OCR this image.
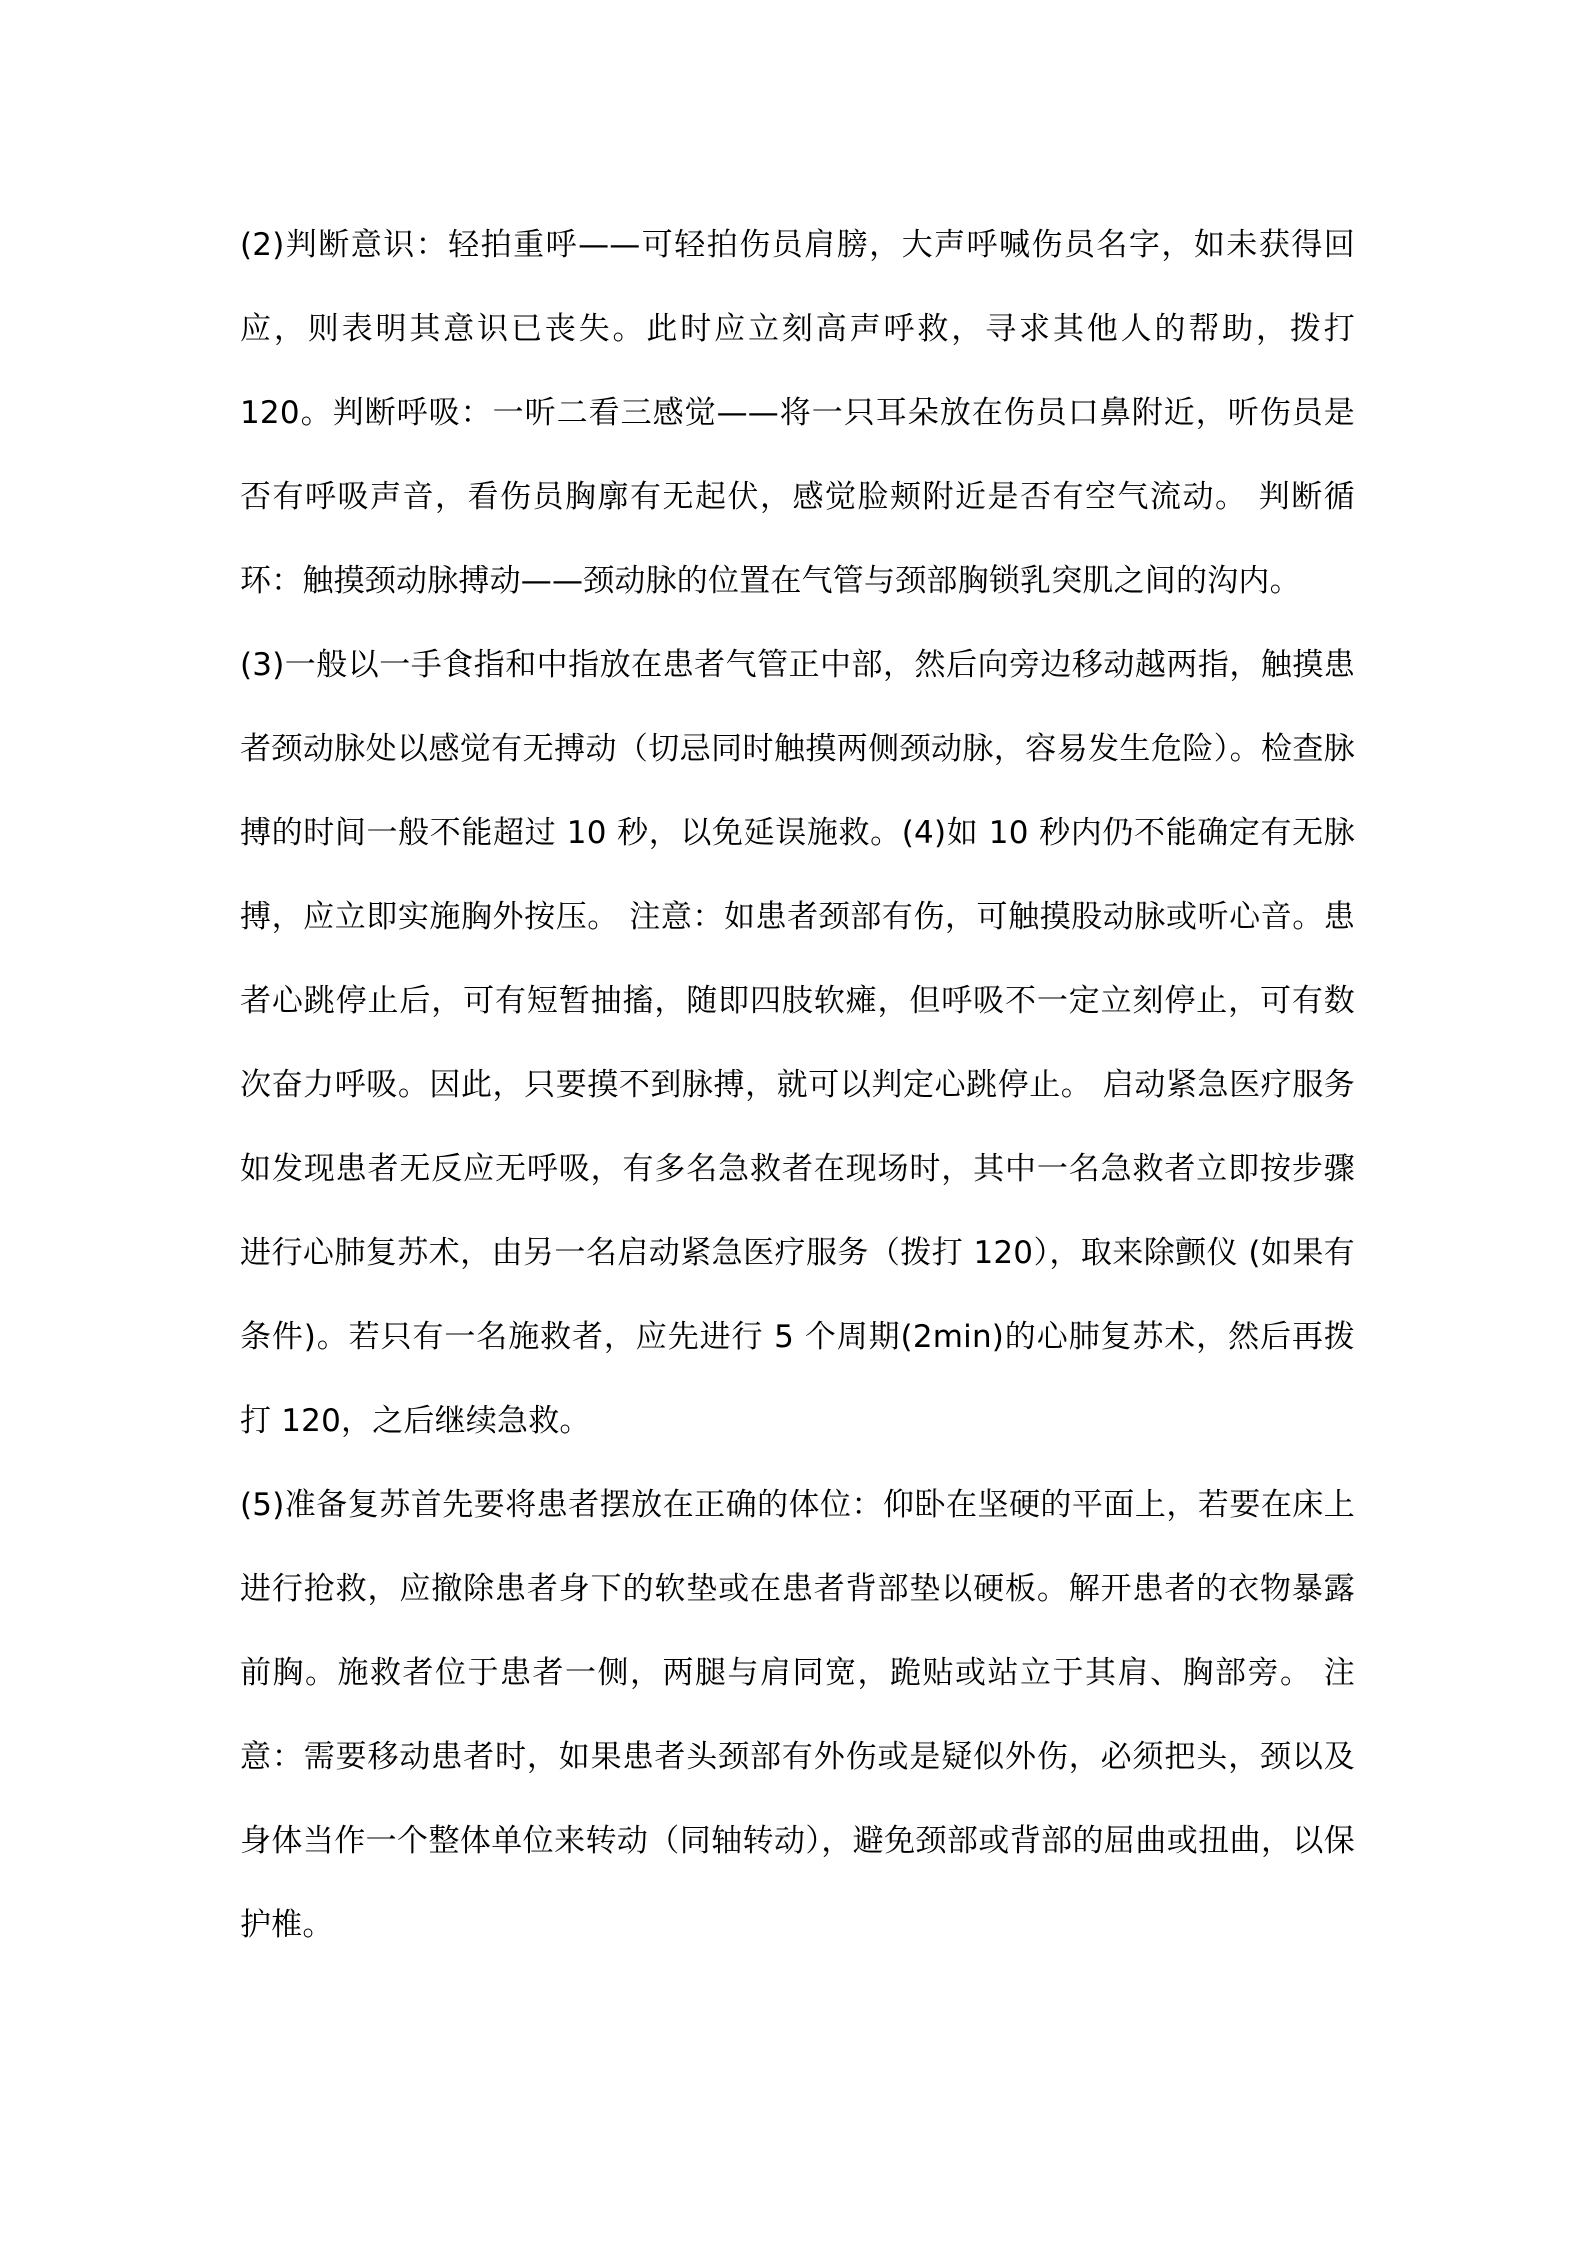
(2)判断意识：轻拍重呼——可轻拍伤员肩膀，大声呼喊伤员名字，如未获得回应，则表明其意识已丧失。此时应立刻高声呼救，寻求其他人的帮助，拨打 120。判断呼吸：一听二看三感觉——将一只耳朵放在伤员口鼻附近，听伤员是否有呼吸声音，看伤员胸廓有无起伏，感觉脸颊附近是否有空气流动。 判断循环：触摸颈动脉搏动——颈动脉的位置在气管与颈部胸锁乳突肌之间的沟内。

(3)一般以一手食指和中指放在患者气管正中部，然后向旁边移动越两指，触摸患者颈动脉处以感觉有无搏动（切忌同时触摸两侧颈动脉，容易发生危险）。检查脉搏的时间一般不能超过 10 秒，以免延误施救。(4)如 10 秒内仍不能确定有无脉搏，应立即实施胸外按压。 注意：如患者颈部有伤，可触摸股动脉或听心音。患者心跳停止后，可有短暂抽搐，随即四肢软瘫，但呼吸不一定立刻停止，可有数次奋力呼吸。因此，只要摸不到脉搏，就可以判定心跳停止。 启动紧急医疗服务如发现患者无反应无呼吸，有多名急救者在现场时，其中一名急救者立即按步骤进行心肺复苏术，由另一名启动紧急医疗服务（拨打 120），取来除颤仪 (如果有条件)。若只有一名施救者，应先进行 5 个周期(2min)的心肺复苏术，然后再拨打 120，之后继续急救。

(5)准备复苏首先要将患者摆放在正确的体位：仰卧在坚硬的平面上，若要在床上进行抢救，应撤除患者身下的软垫或在患者背部垫以硬板。解开患者的衣物暴露前胸。施救者位于患者一侧，两腿与肩同宽，跪贴或站立于其肩、胸部旁。 注意：需要移动患者时，如果患者头颈部有外伤或是疑似外伤，必须把头，颈以及身体当作一个整体单位来转动（同轴转动），避免颈部或背部的屈曲或扭曲，以保护椎。
